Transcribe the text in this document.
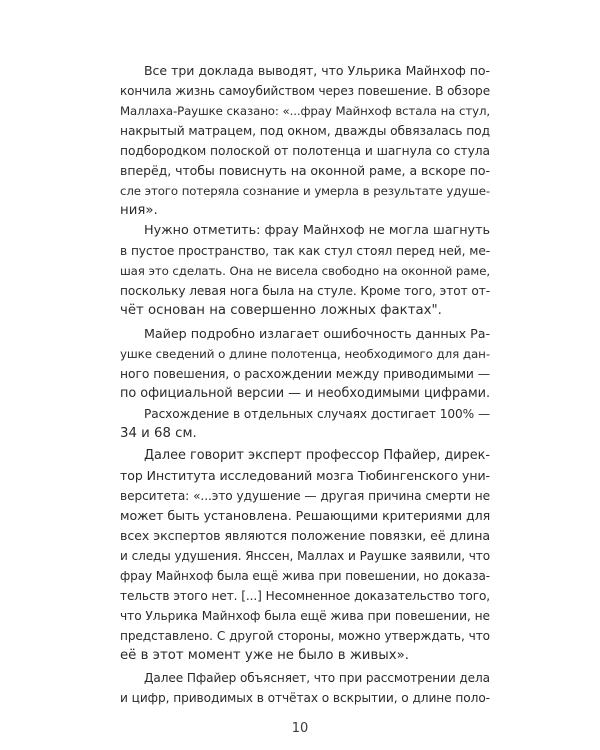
Все три доклада выводят, что Ульрика Майнхоф по-
кончила жизнь самоубийством через повешение. В обзоре
Маллаха-Раушке сказано: «...фрау Майнхоф встала на стул,
накрытый матрацем, под окном, дважды обвязалась под
подбородком полоской от полотенца и шагнула со стула
вперёд, чтобы повиснуть на оконной раме, а вскоре по-
сле этого потеряла сознание и умерла в результате удуше-
ния».
Нужно отметить: фрау Майнхоф не могла шагнуть
в пустое пространство, так как стул стоял перед ней, ме-
шая это сделать. Она не висела свободно на оконной раме,
поскольку левая нога была на стуле. Кроме того, этот от-
чёт основан на совершенно ложных фактах".
Майер подробно излагает ошибочность данных Ра-
ушке сведений о длине полотенца, необходимого для дан-
ного повешения, о расхождении между приводимыми —
по официальной версии — и необходимыми цифрами.
Расхождение в отдельных случаях достигает 100% —
34 и 68 см.
Далее говорит эксперт профессор Пфайер, дирек-
тор Института исследований мозга Тюбингенского уни-
верситета: «...это удушение — другая причина смерти не
может быть установлена. Решающими критериями для
всех экспертов являются положение повязки, её длина
и следы удушения. Янссен, Маллах и Раушке заявили, что
фрау Майнхоф была ещё жива при повешении, но доказа-
тельств этого нет. [...] Несомненное доказательство того,
что Ульрика Майнхоф была ещё жива при повешении, не
представлено. С другой стороны, можно утверждать, что
её в этот момент уже не было в живых».
Далее Пфайер объясняет, что при рассмотрении дела
и цифр, приводимых в отчётах о вскрытии, о длине поло-
10
